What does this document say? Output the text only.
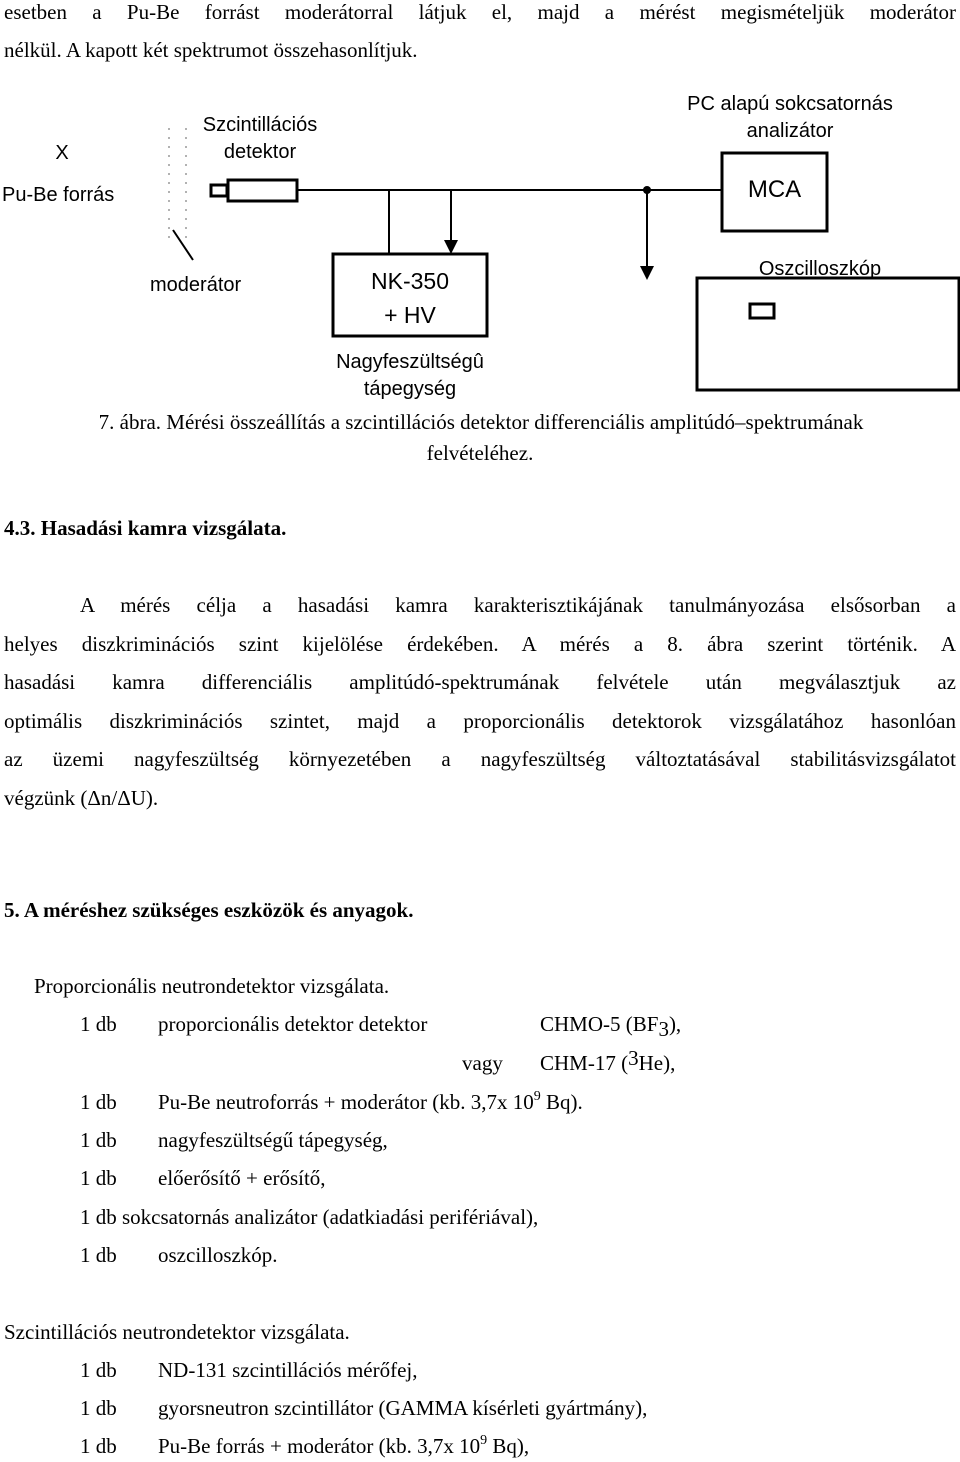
esetben a Pu-Be forrást moderátorral látjuk el, majd a mérést megismételjük moderátor
nélkül. A kapott két spektrumot összehasonlítjuk.
X
Pu-Be forrás
Szcintillációs
detektor
PC alapú sokcsatornás
analizátor
MCA
moderátor	NK-350
+ HV
Nagyfeszültségû
tápegység
Oszcilloszkóp
7. ábra. Mérési összeállítás a szcintillációs detektor differenciális amplitúdó–spektrumának
felvételéhez.
4.3. Hasadási kamra vizsgálata.
A mérés célja a hasadási kamra karakterisztikájának tanulmányozása elsősorban a
helyes diszkriminációs szint kijelölése érdekében. A mérés a 8. ábra szerint történik. A
hasadási kamra differenciális amplitúdó-spektrumának felvétele után megválasztjuk az
optimális diszkriminációs szintet, majd a proporcionális detektorok vizsgálatához hasonlóan
az üzemi nagyfeszültség környezetében a nagyfeszültség változtatásával stabilitásvizsgálatot
végzünk (Δn/ΔU).
5. A méréshez szükséges eszközök és anyagok.
Proporcionális neutrondetektor vizsgálata.
1 db proporcionális detektor detektor	CHMO-5 $(BF_3)$,
vagy CHM-17 ($^3$He),
1 db Pu-Be neutroforrás + moderátor (kb. 3,7x $10^9$ Bq).
1 db nagyfeszültségű tápegység,
1 db előerősítő + erősítő,
1 db sokcsatornás analizátor (adatkiadási perifériával),
1 db oszcilloszkóp.
Szcintillációs neutrondetektor vizsgálata.
1 db ND-131 szcintillációs mérőfej,
1 db gyorsneutron szcintillátor (GAMMA kísérleti gyártmány),
1 db Pu-Be forrás + moderátor (kb. 3,7x $10^9$ Bq),
